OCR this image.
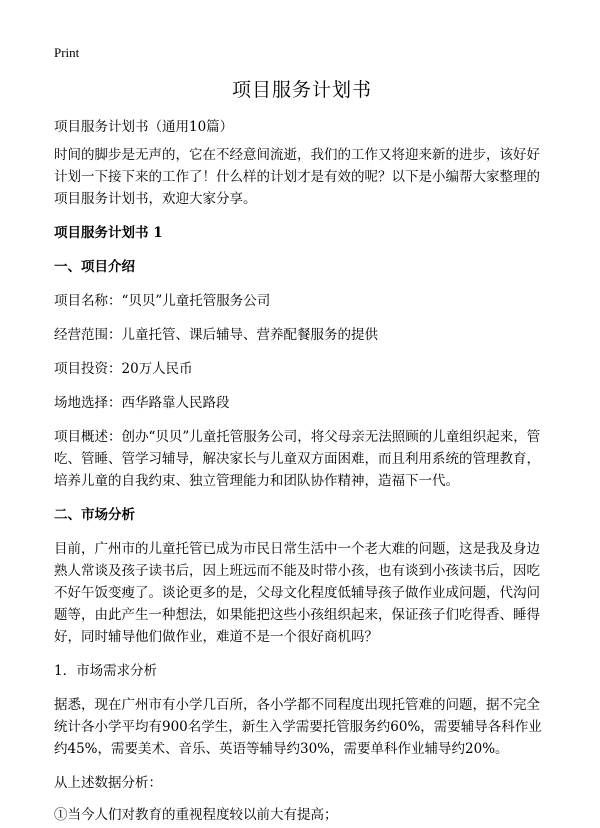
Print
项目服务计划书

项目服务计划书（通用10篇）

时间的脚步是无声的，它在不经意间流逝，我们的工作又将迎来新的进步，该好好计划一下接下来的工作了！什么样的计划才是有效的呢？以下是小编帮大家整理的项目服务计划书，欢迎大家分享。

项目服务计划书 1
一、项目介绍

项目名称：“贝贝”儿童托管服务公司

经营范围：儿童托管、课后辅导、营养配餐服务的提供

项目投资：20万人民币

场地选择：西华路靠人民路段

项目概述：创办“贝贝”儿童托管服务公司，将父母亲无法照顾的儿童组织起来，管吃、管睡、管学习辅导，解决家长与儿童双方面困难，而且利用系统的管理教育，培养儿童的自我约束、独立管理能力和团队协作精神，造福下一代。

二、市场分析

目前，广州市的儿童托管已成为市民日常生活中一个老大难的问题，这是我及身边熟人常谈及孩子读书后，因上班远而不能及时带小孩，也有谈到小孩读书后，因吃不好午饭变瘦了。谈论更多的是，父母文化程度低辅导孩子做作业成问题，代沟问题等，由此产生一种想法，如果能把这些小孩组织起来，保证孩子们吃得香、睡得好，同时辅导他们做作业，难道不是一个很好商机吗？

1．市场需求分析

据悉，现在广州市有小学几百所，各小学都不同程度出现托管难的问题，据不完全统计各小学平均有900名学生，新生入学需要托管服务约60%，需要辅导各科作业约45%，需要美术、音乐、英语等辅导约30%，需要单科作业辅导约20%。

从上述数据分析：

①当今人们对教育的重视程度较以前大有提高；
